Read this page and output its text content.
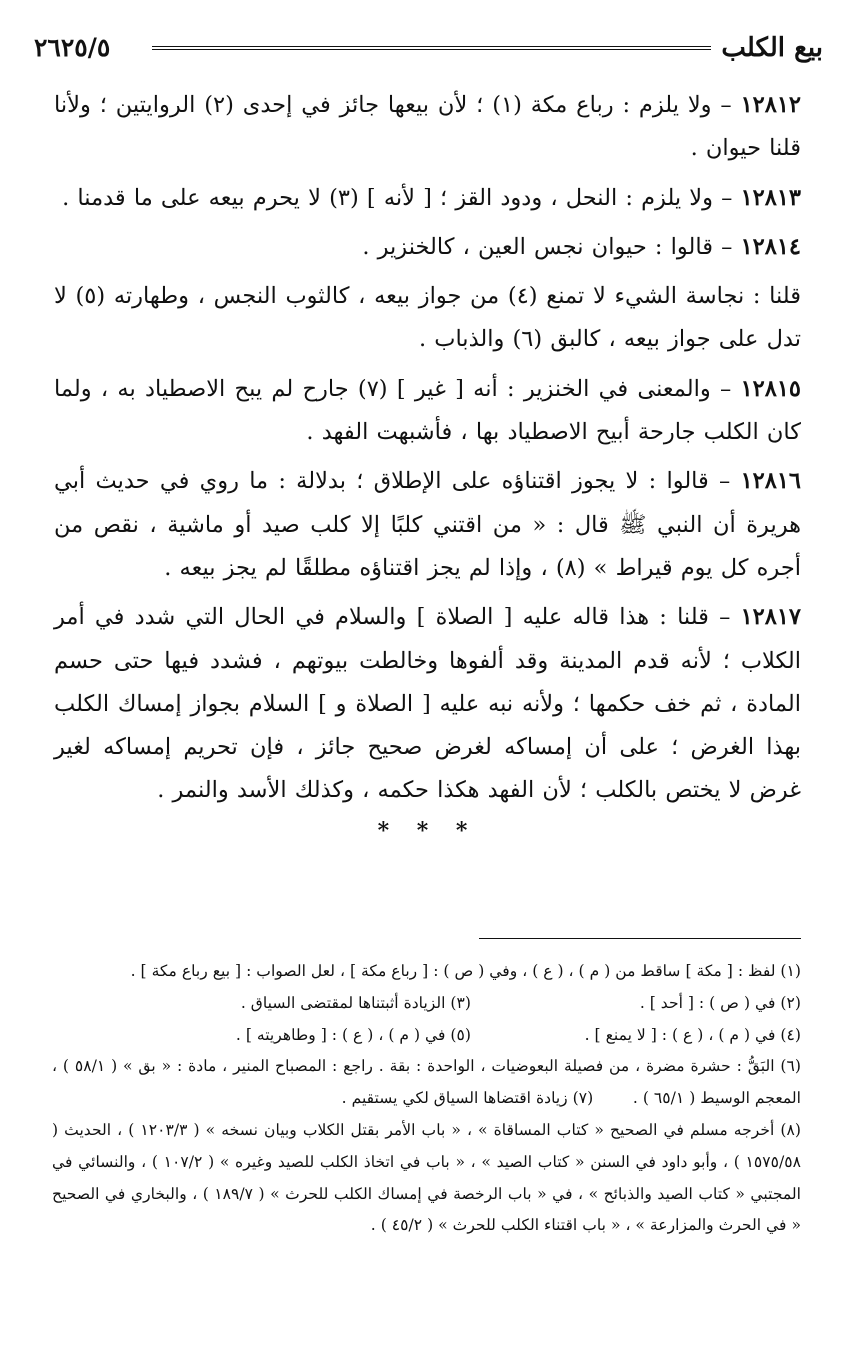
بيع الكلب
٢٦٢٥/٥

١٢٨١٢ – ولا يلزم : رباع مكة (١) ؛ لأن بيعها جائز في إحدى (٢) الروايتين ؛ ولأنا قلنا حيوان .

١٢٨١٣ – ولا يلزم : النحل ، ودود القز ؛ [ لأنه ] (٣) لا يحرم بيعه على ما قدمنا .

١٢٨١٤ – قالوا : حيوان نجس العين ، كالخنزير .

قلنا : نجاسة الشيء لا تمنع (٤) من جواز بيعه ، كالثوب النجس ، وطهارته (٥) لا تدل على جواز بيعه ، كالبق (٦) والذباب .

١٢٨١٥ – والمعنى في الخنزير : أنه [ غير ] (٧) جارح لم يبح الاصطياد به ، ولما كان الكلب جارحة أبيح الاصطياد بها ، فأشبهت الفهد .

١٢٨١٦ – قالوا : لا يجوز اقتناؤه على الإطلاق ؛ بدلالة : ما روي في حديث أبي هريرة أن النبي ﷺ قال : « من اقتني كلبًا إلا كلب صيد أو ماشية ، نقص من أجره كل يوم قيراط » (٨) ، وإذا لم يجز اقتناؤه مطلقًا لم يجز بيعه .

١٢٨١٧ – قلنا : هذا قاله عليه [ الصلاة ] والسلام في الحال التي شدد في أمر الكلاب ؛ لأنه قدم المدينة وقد ألفوها وخالطت بيوتهم ، فشدد فيها حتى حسم المادة ، ثم خف حكمها ؛ ولأنه نبه عليه [ الصلاة و ] السلام بجواز إمساك الكلب بهذا الغرض ؛ على أن إمساكه لغرض صحيح جائز ، فإن تحريم إمساكه لغير غرض لا يختص بالكلب ؛ لأن الفهد هكذا حكمه ، وكذلك الأسد والنمر .

* * *

(١) لفظ : [ مكة ] ساقط من ( م ) ، ( ع ) ، وفي ( ص ) : [ رباع مكة ] ، لعل الصواب : [ بيع رباع مكة ] .

(٢) في ( ص ) : [ أحد ] .
(٣) الزيادة أثبتناها لمقتضى السياق .
(٤) في ( م ) ، ( ع ) : [ لا يمنع ] .
(٥) في ( م ) ، ( ع ) : [ وطاهريته ] .

(٦) البَقُّ : حشرة مضرة ، من فصيلة البعوضيات ، الواحدة : بقة . راجع : المصباح المنير ، مادة : « بق » ( ٥٨/١ ) ، المعجم الوسيط ( ٦٥/١ ) .        (٧) زيادة اقتضاها السياق لكي يستقيم .

(٨) أخرجه مسلم في الصحيح « كتاب المساقاة » ، « باب الأمر بقتل الكلاب وبيان نسخه » ( ١٢٠٣/٣ ) ، الحديث ( ١٥٧٥/٥٨ ) ، وأبو داود في السنن « كتاب الصيد » ، « باب في اتخاذ الكلب للصيد وغيره » ( ١٠٧/٢ ) ، والنسائي في المجتبي « كتاب الصيد والذبائح » ، في « باب الرخصة في إمساك الكلب للحرث » ( ١٨٩/٧ ) ، والبخاري في الصحيح « في الحرث والمزارعة » ، « باب اقتناء الكلب للحرث » ( ٤٥/٢ ) .
